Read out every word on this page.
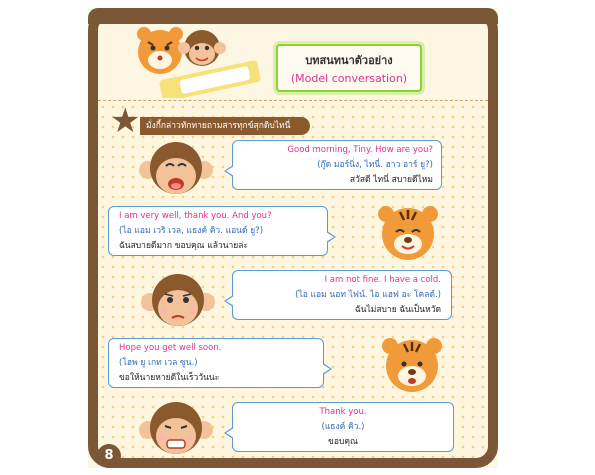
สนทนาภาษาอังกฤษระดับประถม
บทสนทนาตัวอย่าง
(Model conversation)
★ มั่งกี้กล่าวทักทายถามสารทุกข์สุกดิบไทนี่
Good morning, Tiny. How are you?
(กู๊ด มอร์นิ่ง, ไทนี่. ฮาว อาร์ ยู?)
สวัสดี ไทนี่ สบายดีไหม
I am very well, thank you. And you?
(ไอ แอม เวริ เวล, แธงค์ คิว. แอนด์ ยู?)
ฉันสบายดีมาก ขอบคุณ แล้วนายล่ะ
I am not fine. I have a cold.
(ไอ แอม นอท ไฟน์. ไอ แฮฟ อะ โคลด์.)
ฉันไม่สบาย ฉันเป็นหวัด
Hope you get well soon.
(โฮพ ยู เกท เวล ซูน.)
ขอให้นายหายดีในเร็ววันนะ
Thank you.
(แธงค์ คิว.)
ขอบคุณ
8
